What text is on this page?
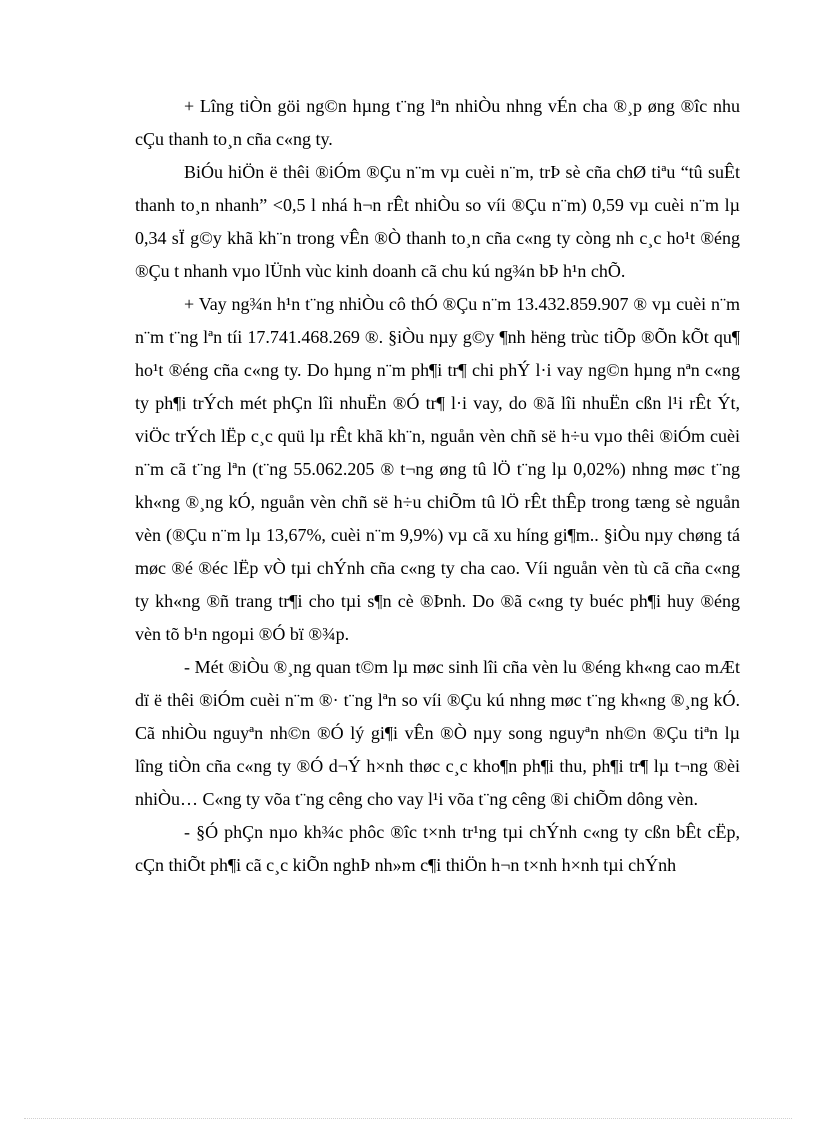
+ Lîng tiÒn göi ng©n hµng t¨ng lªn nhiÒu nhng vÉn cha ®¸p øng ®îc nhu cÇu thanh to¸n cña c«ng ty.

BiÓu hiÖn ë thêi ®iÓm ®Çu n¨m vµ cuèi n¨m, trÞ sè cña chØ tiªu “tû suÊt thanh to¸n nhanh” <0,5 l nhá h¬n rÊt nhiÒu so víi ®Çu n¨m) 0,59 vµ cuèi n¨m lµ 0,34 sÏ g©y khã kh¨n trong vÊn ®Ò thanh to¸n cña c«ng ty còng nh c¸c ho¹t ®éng ®Çu t nhanh vµo lÜnh vùc kinh doanh cã chu kú ng¾n bÞ h¹n chÕ.

+ Vay ng¾n h¹n t¨ng nhiÒu cô thÓ ®Çu n¨m 13.432.859.907 ® vµ cuèi n¨m n¨m t¨ng lªn tíi 17.741.468.269 ®. §iÒu nµy g©y ¶nh hëng trùc tiÕp ®Õn kÕt qu¶ ho¹t ®éng cña c«ng ty. Do hµng n¨m ph¶i tr¶ chi phÝ l·i vay ng©n hµng nªn c«ng ty ph¶i trÝch mét phÇn lîi nhuËn ®Ó tr¶ l·i vay, do ®ã lîi nhuËn cßn l¹i rÊt Ýt, viÖc trÝch lËp c¸c quü lµ rÊt khã kh¨n, nguån vèn chñ së h÷u vµo thêi ®iÓm cuèi n¨m cã t¨ng lªn (t¨ng 55.062.205 ® t¬ng øng tû lÖ t¨ng lµ 0,02%) nhng møc t¨ng kh«ng ®¸ng kÓ, nguån vèn chñ së h÷u chiÕm tû lÖ rÊt thÊp trong tæng sè nguån vèn (®Çu n¨m lµ 13,67%, cuèi n¨m 9,9%) vµ cã xu híng gi¶m.. §iÒu nµy chøng tá møc ®é ®éc lËp vÒ tµi chÝnh cña c«ng ty cha cao. Víi nguån vèn tù cã cña c«ng ty kh«ng ®ñ trang tr¶i cho tµi s¶n cè ®Þnh. Do ®ã c«ng ty buéc ph¶i huy ®éng vèn tõ b¹n ngoµi ®Ó bï ®¾p.

- Mét ®iÒu ®¸ng quan t©m lµ møc sinh lîi cña vèn lu ®éng kh«ng cao mÆt dï ë thêi ®iÓm cuèi n¨m ®· t¨ng lªn so víi ®Çu kú nhng møc t¨ng kh«ng ®¸ng kÓ. Cã nhiÒu nguyªn nh©n ®Ó lý gi¶i vÊn ®Ò nµy song nguyªn nh©n ®Çu tiªn lµ lîng tiÒn cña c«ng ty ®Ó d¬Ý h×nh thøc c¸c kho¶n ph¶i thu, ph¶i tr¶ lµ t¬ng ®èi nhiÒu… C«ng ty võa t¨ng cêng cho vay l¹i võa t¨ng cêng ®i chiÕm dông vèn.

- §Ó phÇn nµo kh¾c phôc ®îc t×nh tr¹ng tµi chÝnh c«ng ty cßn bÊt cËp, cÇn thiÕt ph¶i cã c¸c kiÕn nghÞ nh»m c¶i thiÖn h¬n t×nh h×nh tµi chÝnh
